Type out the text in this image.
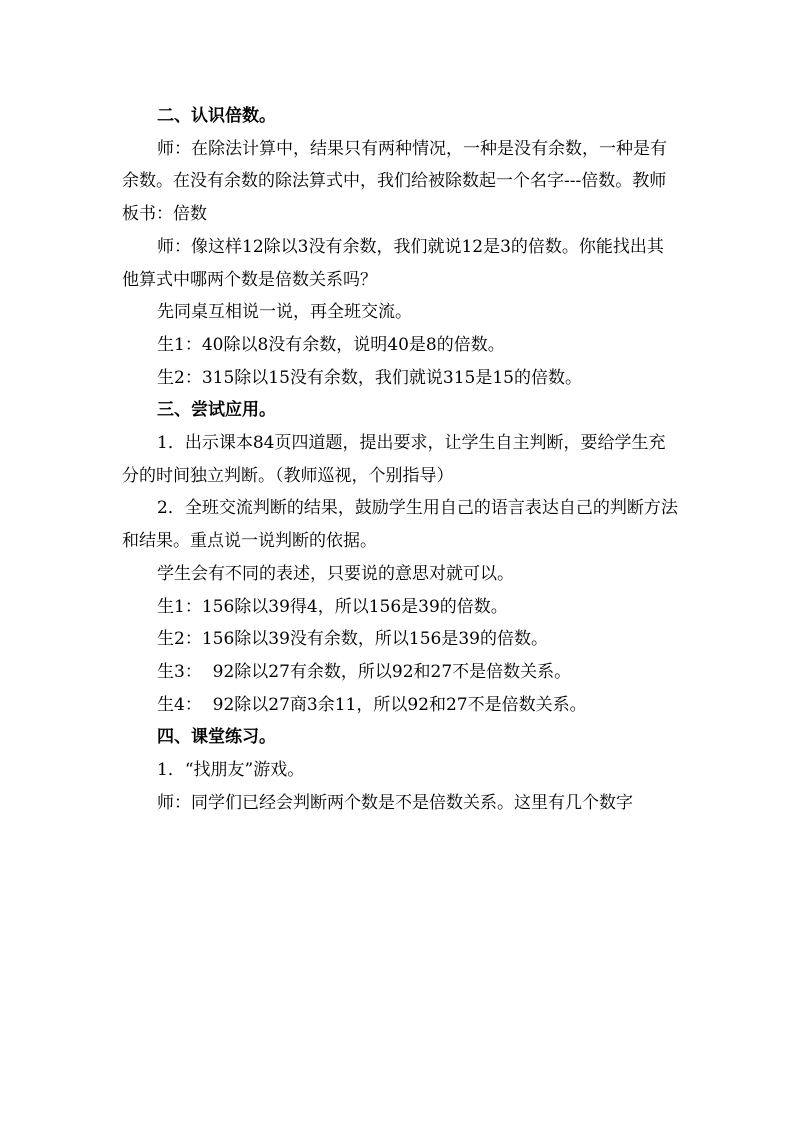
二、认识倍数。

师：在除法计算中，结果只有两种情况，一种是没有余数，一种是有余数。在没有余数的除法算式中，我们给被除数起一个名字---倍数。教师板书：倍数

师：像这样12除以3没有余数，我们就说12是3的倍数。你能找出其他算式中哪两个数是倍数关系吗？

先同桌互相说一说，再全班交流。

生1：40除以8没有余数，说明40是8的倍数。

生2：315除以15没有余数，我们就说315是15的倍数。

三、尝试应用。

1．出示课本84页四道题，提出要求，让学生自主判断，要给学生充分的时间独立判断。（教师巡视，个别指导）

2．全班交流判断的结果，鼓励学生用自己的语言表达自己的判断方法和结果。重点说一说判断的依据。

学生会有不同的表述，只要说的意思对就可以。

生1：156除以39得4，所以156是39的倍数。

生2：156除以39没有余数，所以156是39的倍数。

生3：  92除以27有余数，所以92和27不是倍数关系。

生4：  92除以27商3余11，所以92和27不是倍数关系。

四、课堂练习。

1．“找朋友”游戏。

师：同学们已经会判断两个数是不是倍数关系。这里有几个数字
